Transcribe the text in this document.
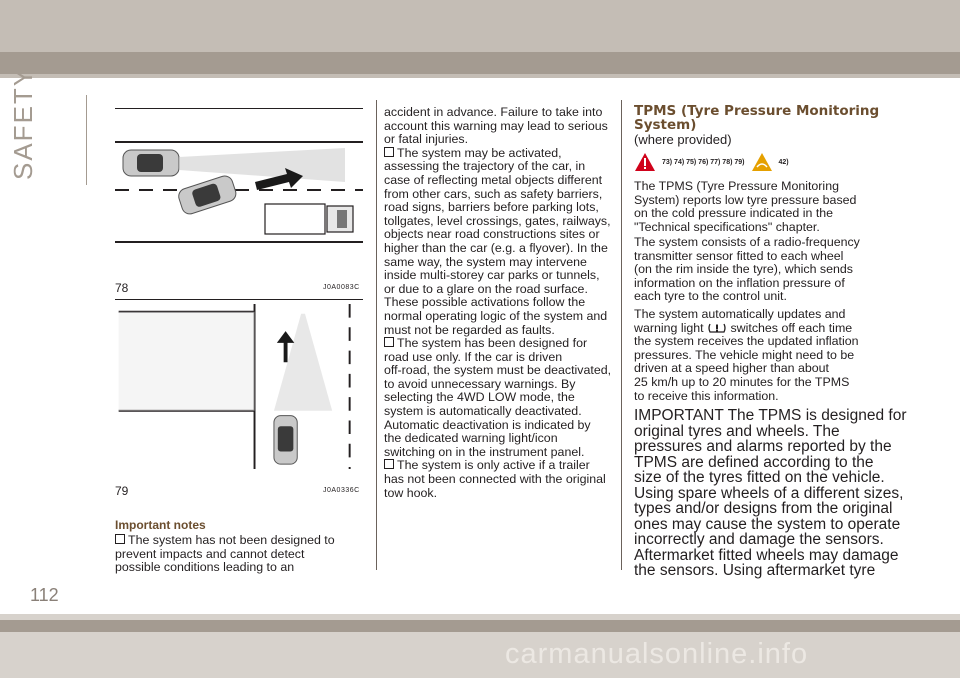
SAFETY
112
78	J0A0083C
79	J0A0336C
Important notes

The system has not been designed to

prevent impacts and cannot detect

possible conditions leading to an

accident in advance. Failure to take into

account this warning may lead to serious

or fatal injuries.

The system may be activated,

assessing the trajectory of the car, in

case of reflecting metal objects different

from other cars, such as safety barriers,

road signs, barriers before parking lots,

tollgates, level crossings, gates, railways,

objects near road constructions sites or

higher than the car (e.g. a flyover). In the

same way, the system may intervene

inside multi-storey car parks or tunnels,

or due to a glare on the road surface.

These possible activations follow the

normal operating logic of the system and

must not be regarded as faults.

The system has been designed for

road use only. If the car is driven

off-road, the system must be deactivated,

to avoid unnecessary warnings. By

selecting the 4WD LOW mode, the

system is automatically deactivated.

Automatic deactivation is indicated by

the dedicated warning light/icon

switching on in the instrument panel.

The system is only active if a trailer

has not been connected with the original

tow hook.

TPMS (Tyre Pressure Monitoring
System)
(where provided)
73) 74) 75) 76) 77) 78) 79)	42)

The TPMS (Tyre Pressure Monitoring

System) reports low tyre pressure based

on the cold pressure indicated in the

"Technical specifications" chapter.

The system consists of a radio-frequency

transmitter sensor fitted to each wheel

(on the rim inside the tyre), which sends

information on the inflation pressure of

each tyre to the control unit.

The system automatically updates and

warning light switches off each time

the system receives the updated inflation

pressures. The vehicle might need to be

driven at a speed higher than about

25 km/h up to 20 minutes for the TPMS

to receive this information.

IMPORTANT The TPMS is designed for
original tyres and wheels. The
pressures and alarms reported by the
TPMS are defined according to the
size of the tyres fitted on the vehicle.
Using spare wheels of a different sizes,
types and/or designs from the original
ones may cause the system to operate
incorrectly and damage the sensors.
Aftermarket fitted wheels may damage
the sensors. Using aftermarket tyre
carmanualsonline.info
